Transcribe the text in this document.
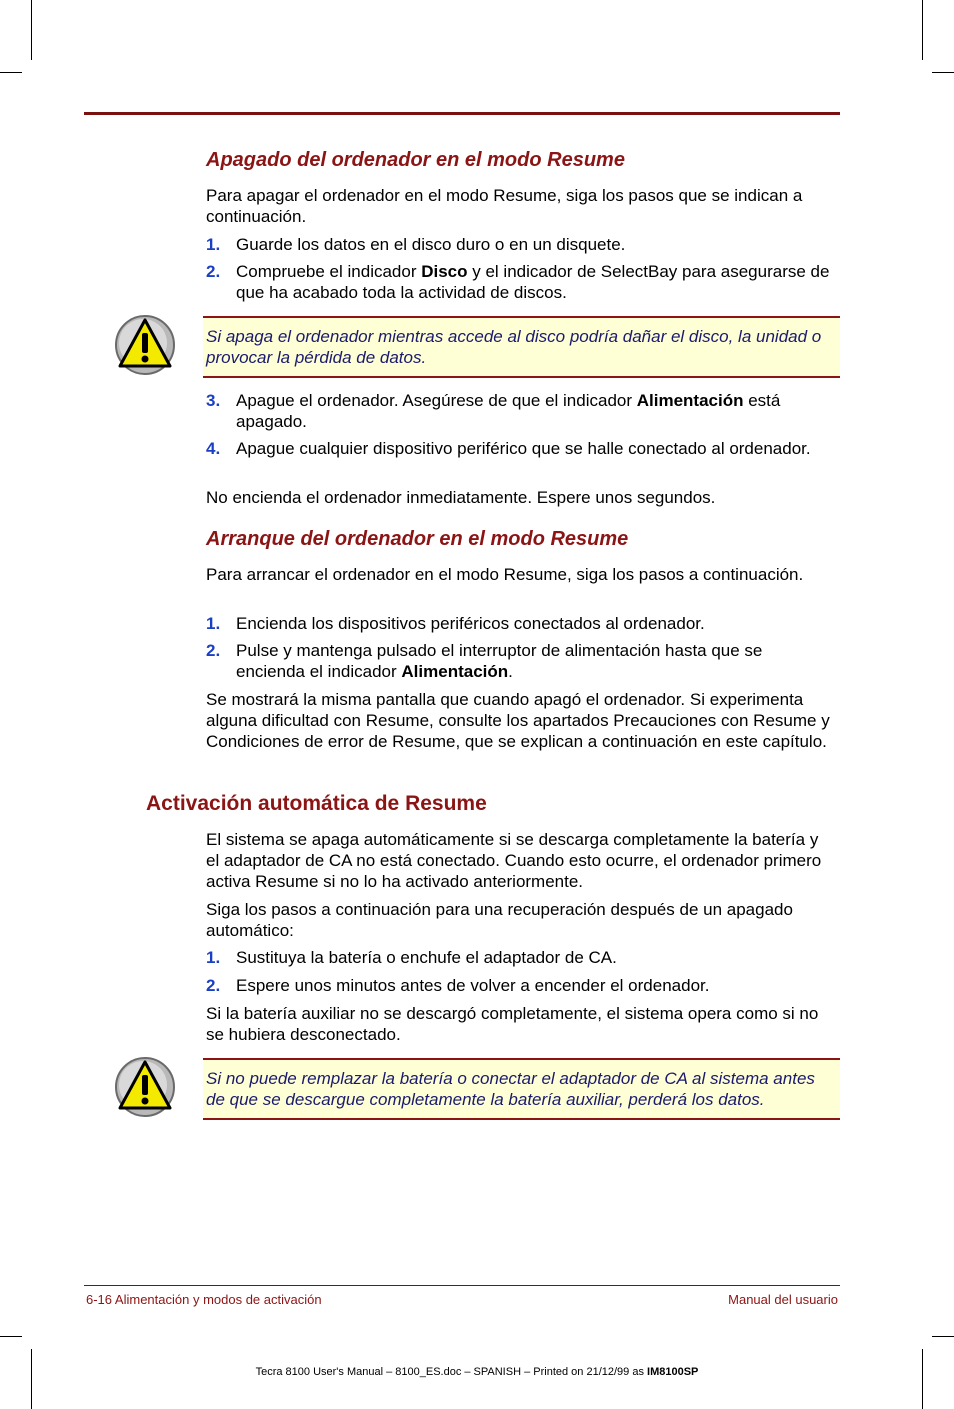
Apagado del ordenador en el modo Resume

Para apagar el ordenador en el modo Resume, siga los pasos que se indican a continuación.

1. Guarde los datos en el disco duro o en un disquete.
2. Compruebe el indicador Disco y el indicador de SelectBay para asegurarse de que ha acabado toda la actividad de discos.

Si apaga el ordenador mientras accede al disco podría dañar el disco, la unidad o provocar la pérdida de datos.

3. Apague el ordenador. Asegúrese de que el indicador Alimentación está apagado.
4. Apague cualquier dispositivo periférico que se halle conectado al ordenador.

No encienda el ordenador inmediatamente. Espere unos segundos.

Arranque del ordenador en el modo Resume

Para arrancar el ordenador en el modo Resume, siga los pasos a continuación.

1. Encienda los dispositivos periféricos conectados al ordenador.
2. Pulse y mantenga pulsado el interruptor de alimentación hasta que se encienda el indicador Alimentación.

Se mostrará la misma pantalla que cuando apagó el ordenador. Si experimenta alguna dificultad con Resume, consulte los apartados Precauciones con Resume y Condiciones de error de Resume, que se explican a continuación en este capítulo.

Activación automática de Resume

El sistema se apaga automáticamente si se descarga completamente la batería y el adaptador de CA no está conectado. Cuando esto ocurre, el ordenador primero activa Resume si no lo ha activado anteriormente.

Siga los pasos a continuación para una recuperación después de un apagado automático:

1. Sustituya la batería o enchufe el adaptador de CA.
2. Espere unos minutos antes de volver a encender el ordenador.

Si la batería auxiliar no se descargó completamente, el sistema opera como si no se hubiera desconectado.

Si no puede remplazar la batería o conectar el adaptador de CA al sistema antes de que se descargue completamente la batería auxiliar, perderá los datos.

6-16 Alimentación y modos de activación	Manual del usuario
Tecra 8100 User's Manual – 8100_ES.doc – SPANISH – Printed on 21/12/99 as IM8100SP
